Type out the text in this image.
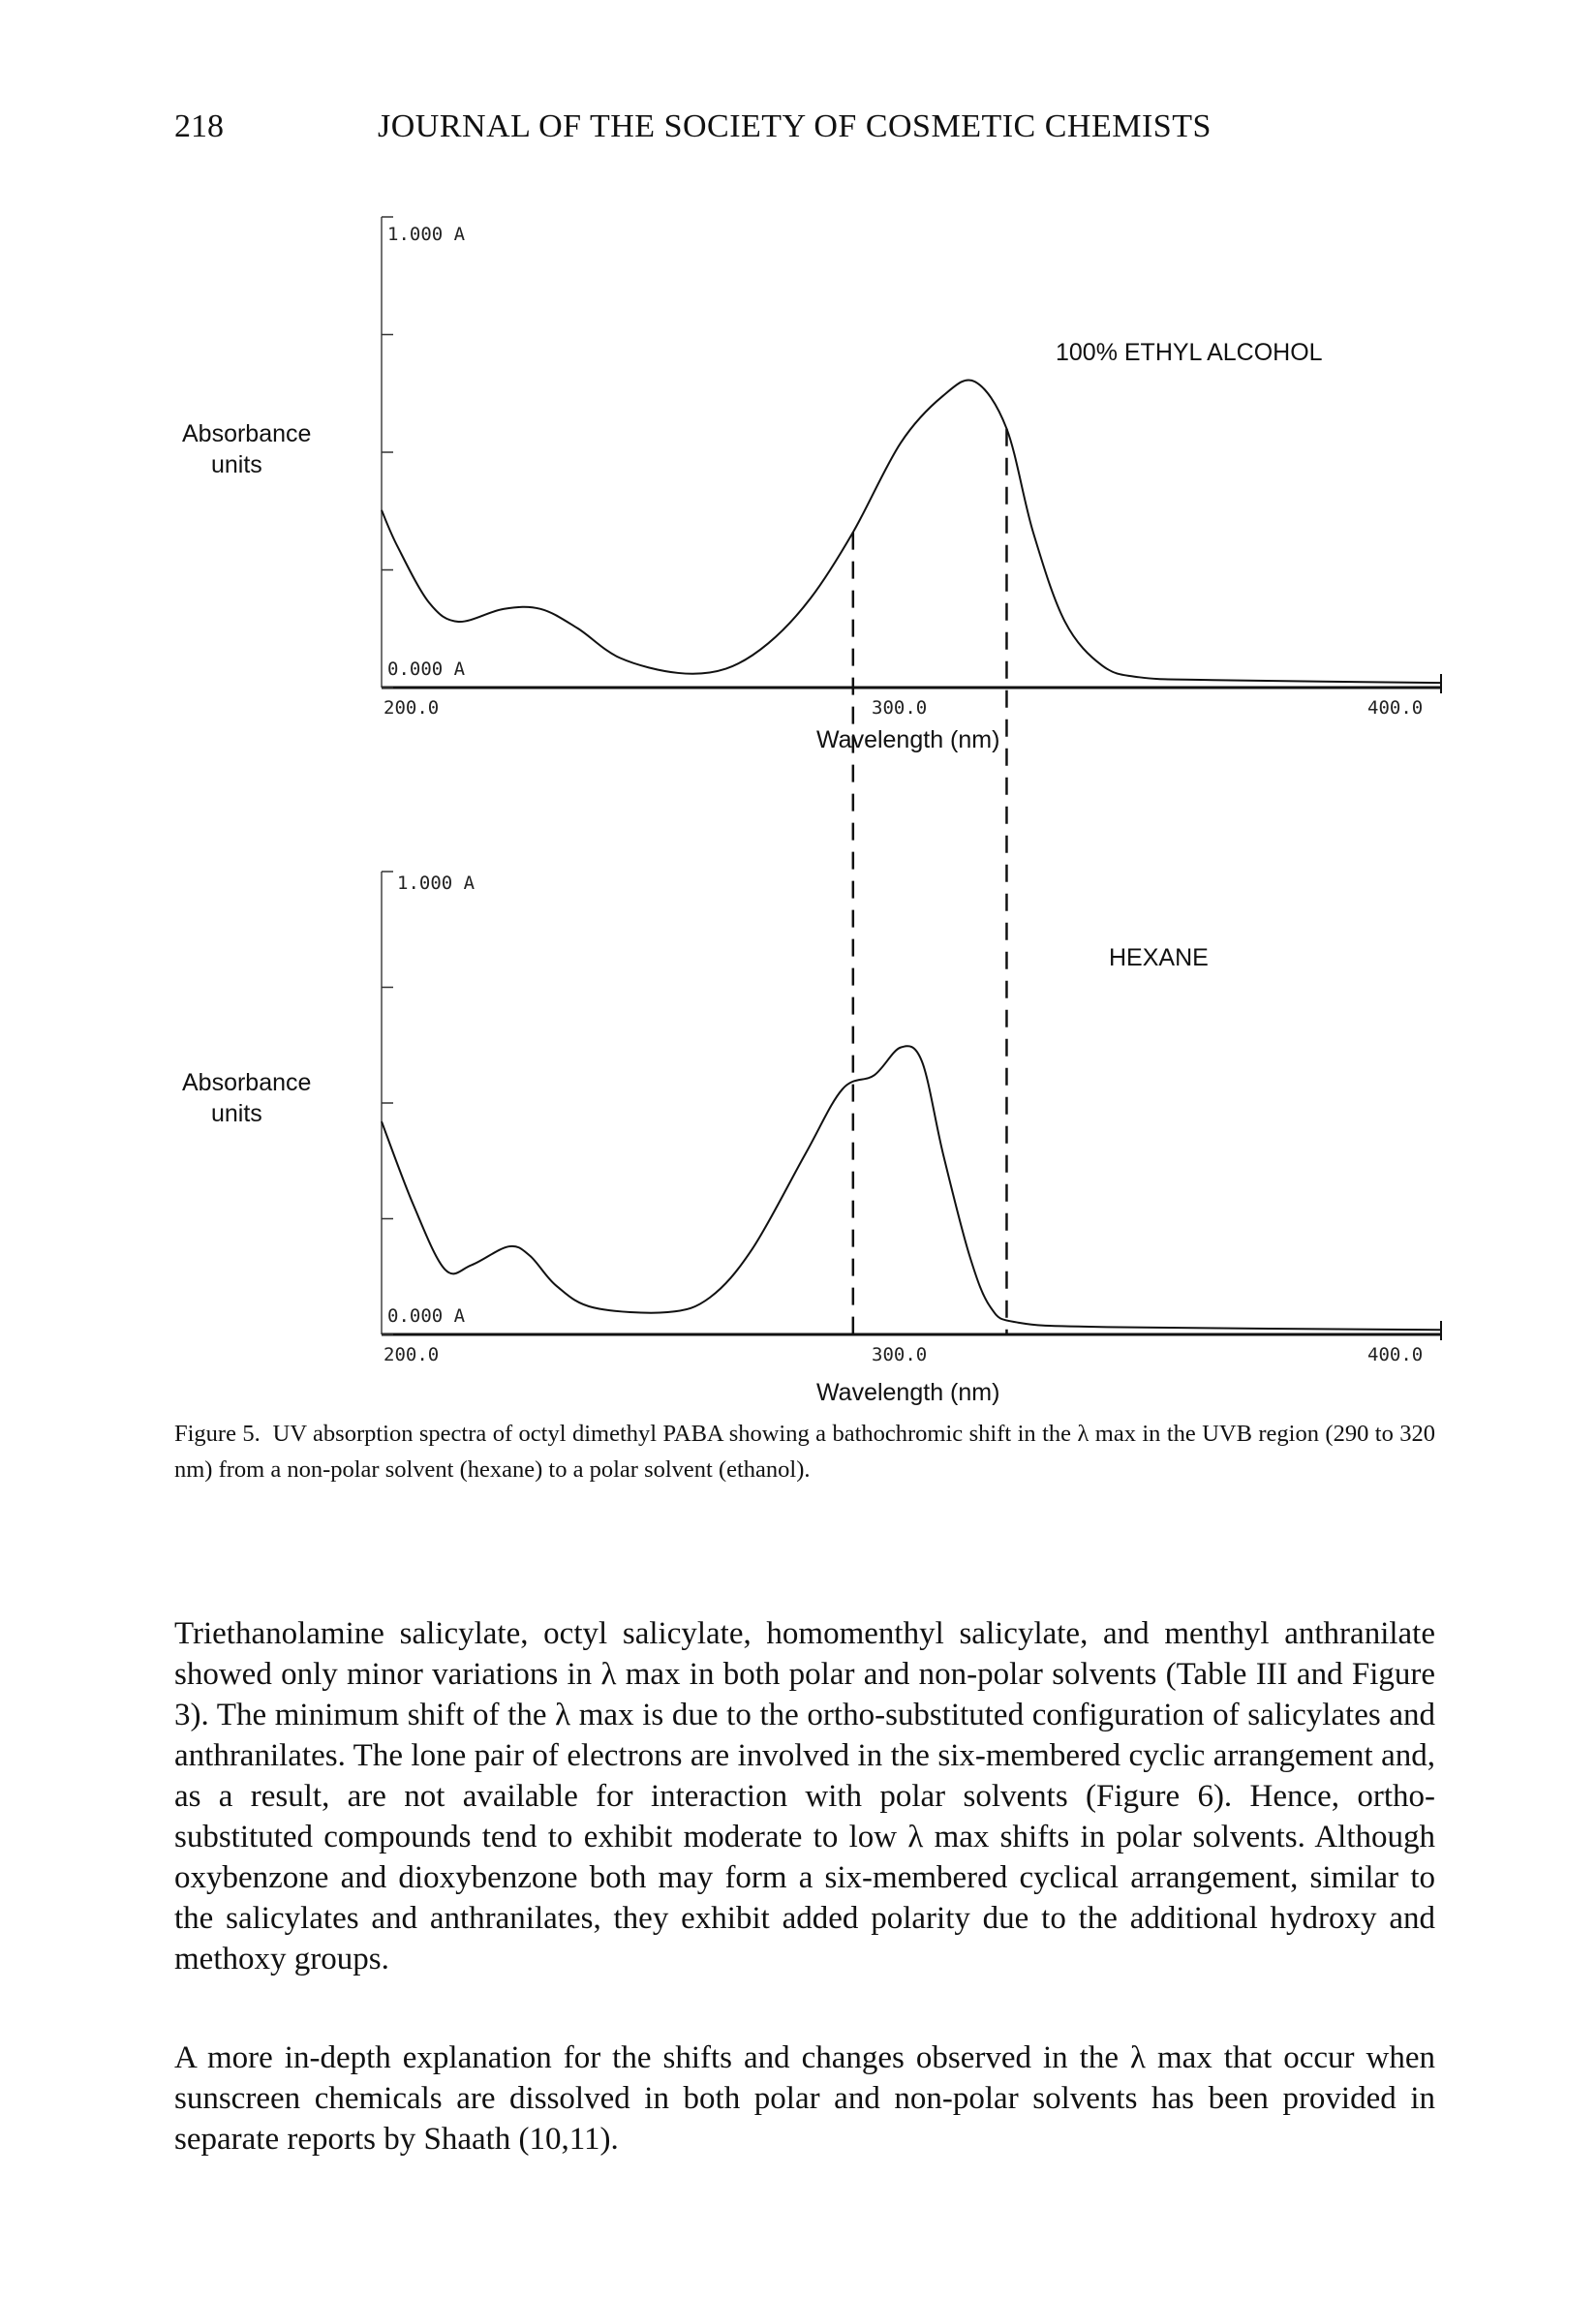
218	JOURNAL OF THE SOCIETY OF COSMETIC CHEMISTS
Absorbance
units
1.000 A
0.000 A
200.0	300.0	400.0
Wavelength (nm)
100% ETHYL ALCOHOL
Absorbance
units
1.000 A
0.000 A
200.0	300.0	400.0
Wavelength (nm)
HEXANE
Figure 5. UV absorption spectra of octyl dimethyl PABA showing a bathochromic shift in the λ max in the UVB region (290 to 320 nm) from a non-polar solvent (hexane) to a polar solvent (ethanol).

Triethanolamine salicylate, octyl salicylate, homomenthyl salicylate, and menthyl anthranilate showed only minor variations in λ max in both polar and non-polar solvents (Table III and Figure 3). The minimum shift of the λ max is due to the ortho-substituted configuration of salicylates and anthranilates. The lone pair of electrons are involved in the six-membered cyclic arrangement and, as a result, are not available for interaction with polar solvents (Figure 6). Hence, ortho-substituted compounds tend to exhibit moderate to low λ max shifts in polar solvents. Although oxybenzone and dioxybenzone both may form a six-membered cyclical arrangement, similar to the salicylates and anthranilates, they exhibit added polarity due to the additional hydroxy and methoxy groups.

A more in-depth explanation for the shifts and changes observed in the λ max that occur when sunscreen chemicals are dissolved in both polar and non-polar solvents has been provided in separate reports by Shaath (10,11).
